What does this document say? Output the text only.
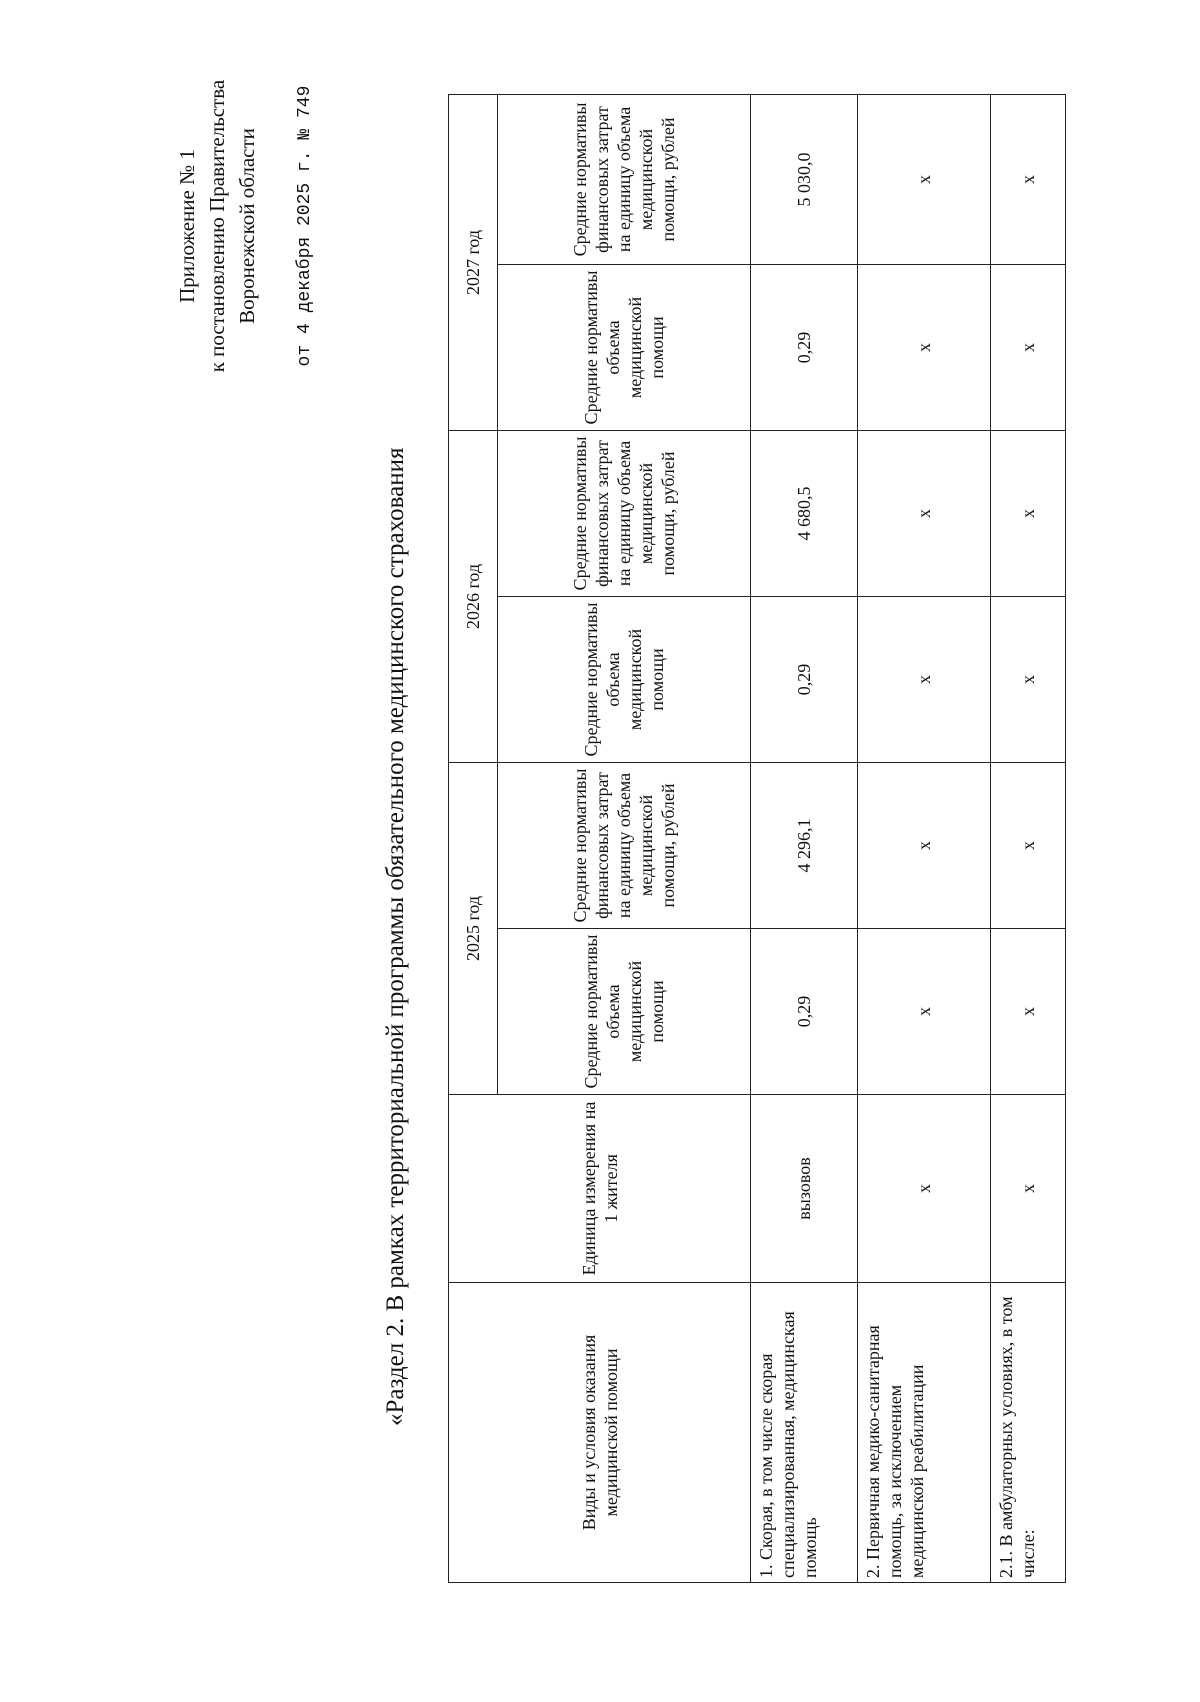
Приложение № 1 к постановлению Правительства Воронежской области от 4 декабря 2025 г. № 749
«Раздел 2. В рамках территориальной программы обязательного медицинского страхования
Виды и условия оказания медицинской помощи	Единица измерения на 1 жителя	2025 год		2026 год		2027 год	
		Средние нормативы объема медицинской помощи	Средние нормативы финансовых затрат на единицу объема медицинской помощи, рублей	Средние нормативы объема медицинской помощи	Средние нормативы финансовых затрат на единицу объема медицинской помощи, рублей	Средние нормативы объема медицинской помощи	Средние нормативы финансовых затрат на единицу объема медицинской помощи, рублей
1. Скорая, в том числе скорая специализированная, медицинская помощь	вызовов	0,29	4 296,1	0,29	4 680,5	0,29	5 030,0
2. Первичная медико-санитарная помощь, за исключением медицинской реабилитации	х	х	х	х	х	х	х
2.1. В амбулаторных условиях, в том числе:	х	х	х	х	х	х	х
